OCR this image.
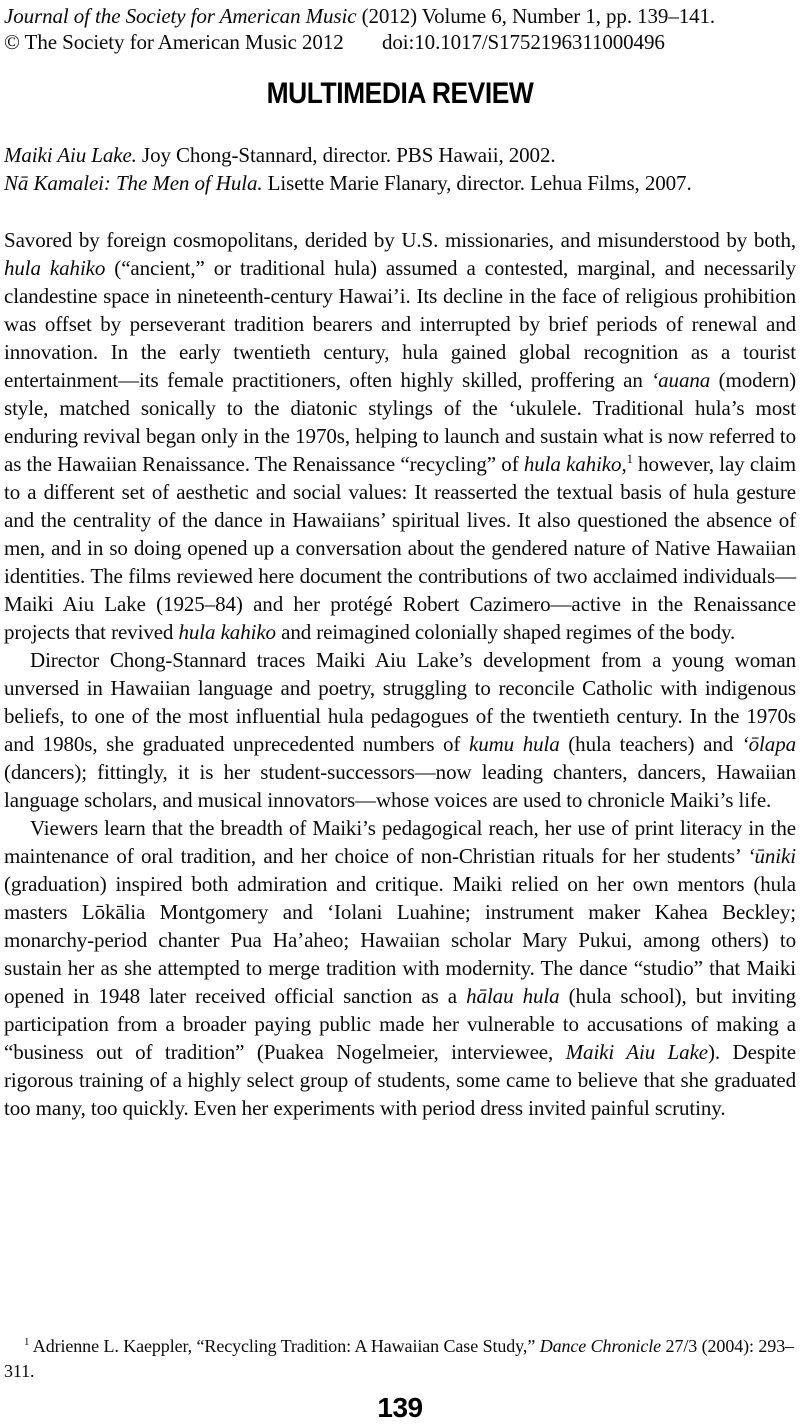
Journal of the Society for American Music (2012) Volume 6, Number 1, pp. 139–141.
© The Society for American Music 2012 doi:10.1017/S1752196311000496
MULTIMEDIA REVIEW
Maiki Aiu Lake. Joy Chong-Stannard, director. PBS Hawaii, 2002.
Nā Kamalei: The Men of Hula. Lisette Marie Flanary, director. Lehua Films, 2007.

Savored by foreign cosmopolitans, derided by U.S. missionaries, and misunderstood by both, hula kahiko (“ancient,” or traditional hula) assumed a contested, marginal, and necessarily clandestine space in nineteenth-century Hawai’i. Its decline in the face of religious prohibition was offset by perseverant tradition bearers and interrupted by brief periods of renewal and innovation. In the early twentieth century, hula gained global recognition as a tourist entertainment—its female practitioners, often highly skilled, proffering an ‘auana (modern) style, matched sonically to the diatonic stylings of the ‘ukulele. Traditional hula’s most enduring revival began only in the 1970s, helping to launch and sustain what is now referred to as the Hawaiian Renaissance. The Renaissance “recycling” of hula kahiko,$^1$ however, lay claim to a different set of aesthetic and social values: It reasserted the textual basis of hula gesture and the centrality of the dance in Hawaiians’ spiritual lives. It also questioned the absence of men, and in so doing opened up a conversation about the gendered nature of Native Hawaiian identities. The films reviewed here document the contributions of two acclaimed individuals—Maiki Aiu Lake (1925–84) and her protégé Robert Cazimero—active in the Renaissance projects that revived hula kahiko and reimagined colonially shaped regimes of the body.

Director Chong-Stannard traces Maiki Aiu Lake’s development from a young woman unversed in Hawaiian language and poetry, struggling to reconcile Catholic with indigenous beliefs, to one of the most influential hula pedagogues of the twentieth century. In the 1970s and 1980s, she graduated unprecedented numbers of kumu hula (hula teachers) and ‘ōlapa (dancers); fittingly, it is her student-successors—now leading chanters, dancers, Hawaiian language scholars, and musical innovators—whose voices are used to chronicle Maiki’s life.

Viewers learn that the breadth of Maiki’s pedagogical reach, her use of print literacy in the maintenance of oral tradition, and her choice of non-Christian rituals for her students’ ‘ūniki (graduation) inspired both admiration and critique. Maiki relied on her own mentors (hula masters Lōkālia Montgomery and ‘Iolani Luahine; instrument maker Kahea Beckley; monarchy-period chanter Pua Ha’aheo; Hawaiian scholar Mary Pukui, among others) to sustain her as she attempted to merge tradition with modernity. The dance “studio” that Maiki opened in 1948 later received official sanction as a hālau hula (hula school), but inviting participation from a broader paying public made her vulnerable to accusations of making a “business out of tradition” (Puakea Nogelmeier, interviewee, Maiki Aiu Lake). Despite rigorous training of a highly select group of students, some came to believe that she graduated too many, too quickly. Even her experiments with period dress invited painful scrutiny.

$^1$ Adrienne L. Kaeppler, “Recycling Tradition: A Hawaiian Case Study,” Dance Chronicle 27/3 (2004): 293–311.

139
